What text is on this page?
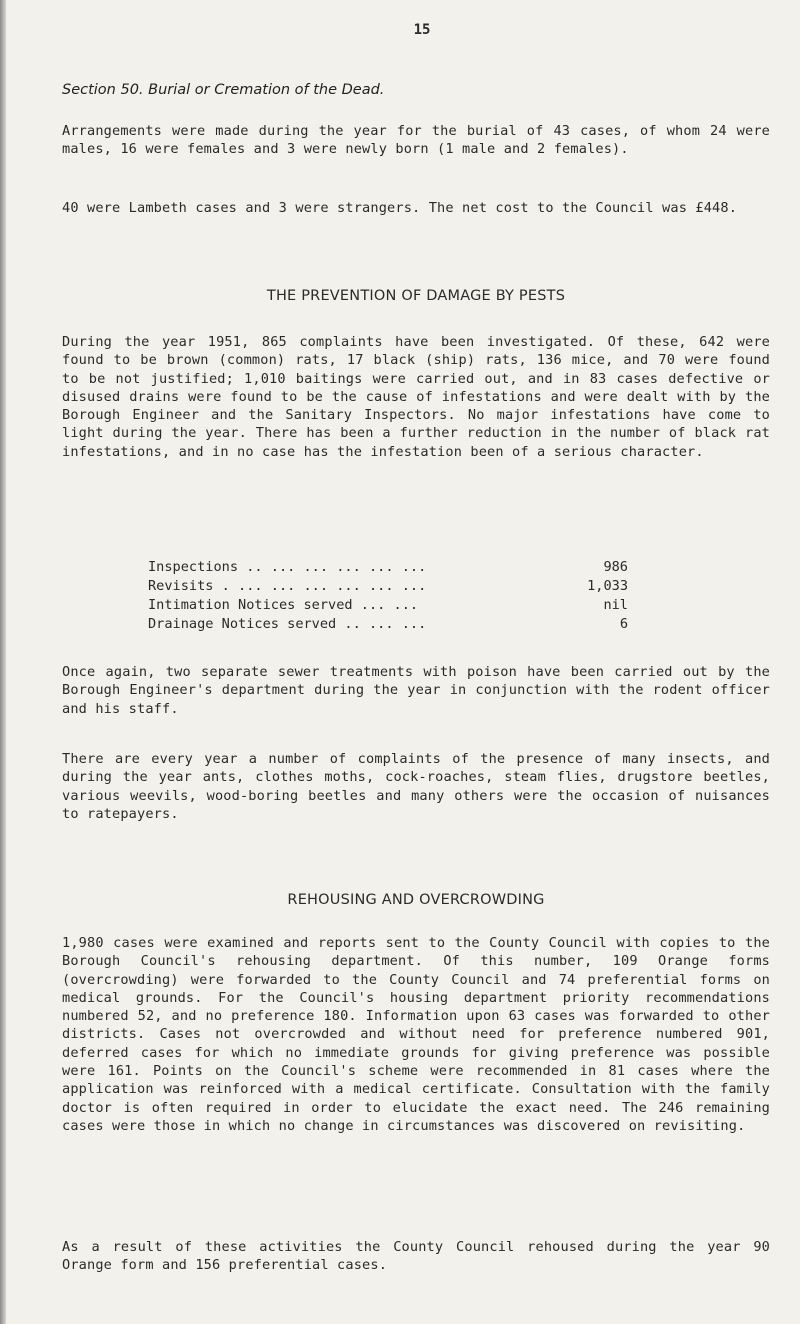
15
Section 50. Burial or Cremation of the Dead.

Arrangements were made during the year for the burial of 43 cases, of whom 24 were males, 16 were females and 3 were newly born (1 male and 2 females).

40 were Lambeth cases and 3 were strangers. The net cost to the Council was £448.

THE PREVENTION OF DAMAGE BY PESTS

During the year 1951, 865 complaints have been investigated. Of these, 642 were found to be brown (common) rats, 17 black (ship) rats, 136 mice, and 70 were found to be not justified; 1,010 baitings were carried out, and in 83 cases defective or disused drains were found to be the cause of infestations and were dealt with by the Borough Engineer and the Sanitary Inspectors. No major infestations have come to light during the year. There has been a further reduction in the number of black rat infestations, and in no case has the infestation been of a serious character.

Inspections .. ... ... ... ... ...	986
Revisits . ... ... ... ... ... ...	1,033
Intimation Notices served ... ...	nil
Drainage Notices served .. ... ...	6

Once again, two separate sewer treatments with poison have been carried out by the Borough Engineer's department during the year in conjunction with the rodent officer and his staff.

There are every year a number of complaints of the presence of many insects, and during the year ants, clothes moths, cock-roaches, steam flies, drugstore beetles, various weevils, wood-boring beetles and many others were the occasion of nuisances to ratepayers.

REHOUSING AND OVERCROWDING

1,980 cases were examined and reports sent to the County Council with copies to the Borough Council's rehousing department. Of this number, 109 Orange forms (overcrowding) were forwarded to the County Council and 74 preferential forms on medical grounds. For the Council's housing department priority recommendations numbered 52, and no preference 180. Information upon 63 cases was forwarded to other districts. Cases not overcrowded and without need for preference numbered 901, deferred cases for which no immediate grounds for giving preference was possible were 161. Points on the Council's scheme were recommended in 81 cases where the application was reinforced with a medical certificate. Consultation with the family doctor is often required in order to elucidate the exact need. The 246 remaining cases were those in which no change in circumstances was discovered on revisiting.

As a result of these activities the County Council rehoused during the year 90 Orange form and 156 preferential cases.
